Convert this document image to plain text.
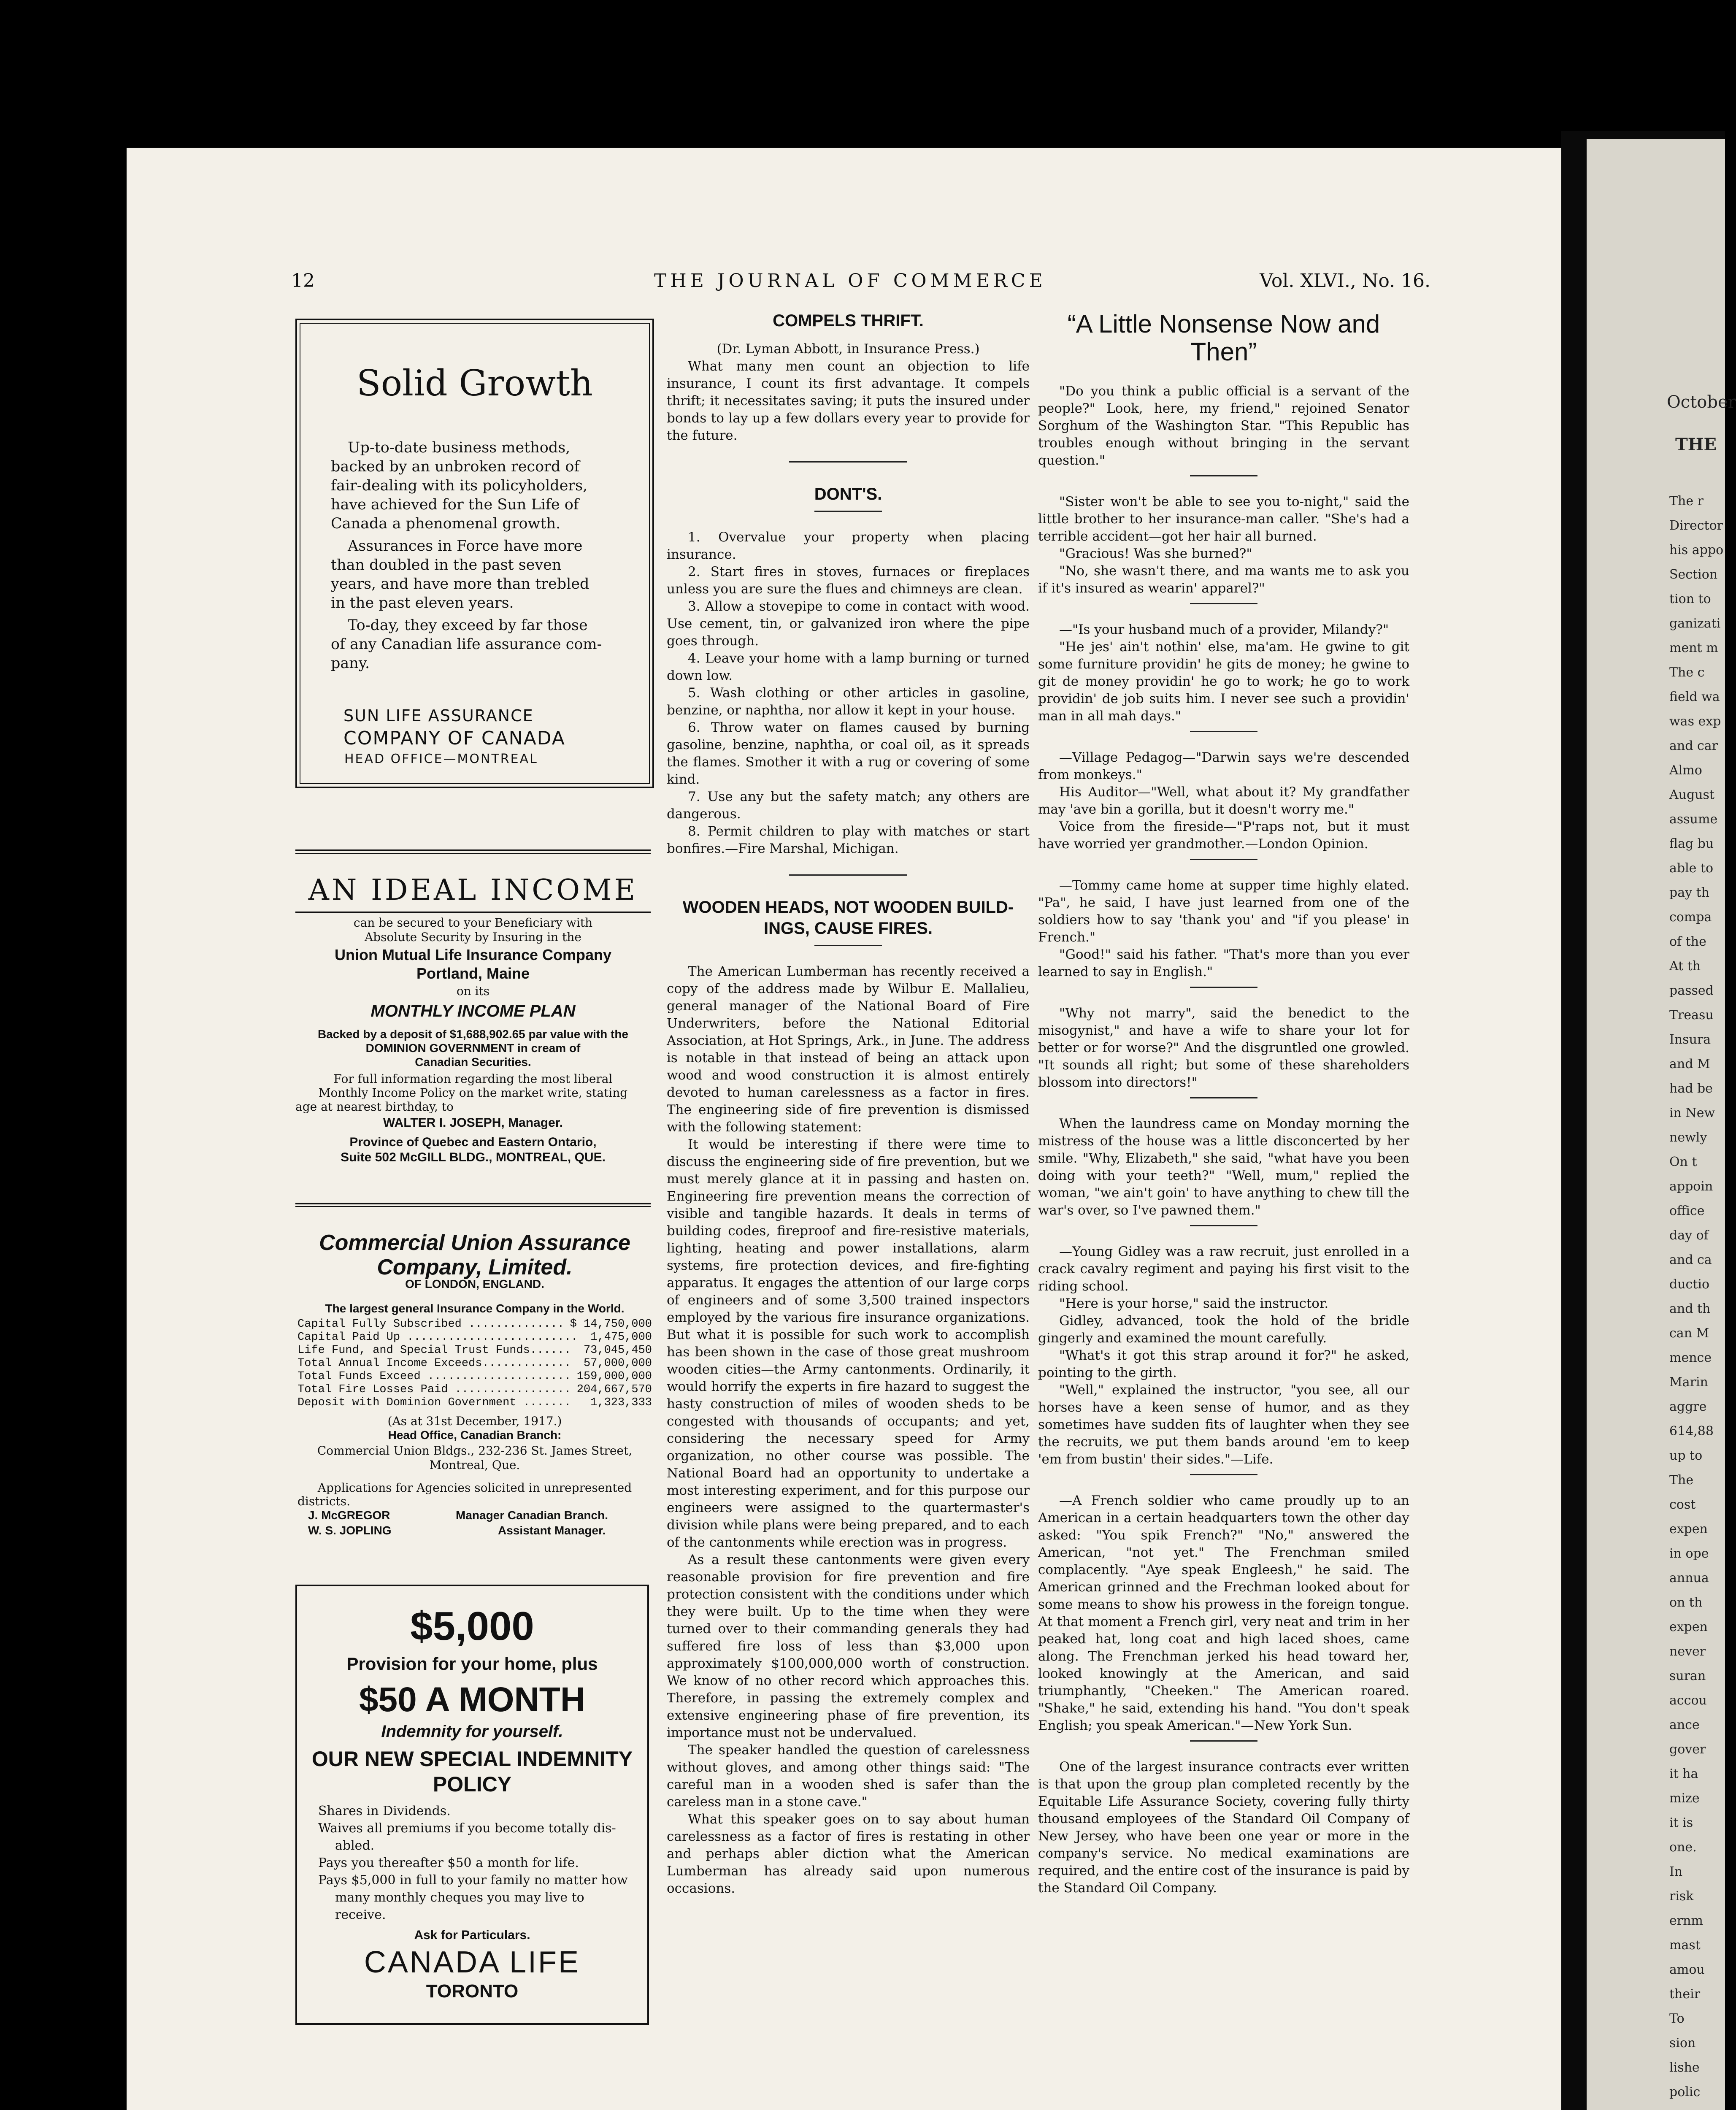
October
THE
The r
Director
his appo
Section
tion to
ganizati
ment m
The c
field wa
was exp
and car
Almo
August
assume
flag bu
able to
pay th
compa
of the
At th
passed
Treasu
Insura
and M
had be
in New
newly
On t
appoin
office
day of
and ca
ductio
and th
can M
mence
Marin
aggre
614,88
up to
The
cost
expen
in ope
annua
on th
expen
never
suran
accou
ance
gover
it ha
mize
it is
one.
In
risk
ernm
mast
amou
their
To
sion
lishe
polic
12	THE JOURNAL OF COMMERCE	Vol. XLVI., No. 16.
Solid Growth
Up-to-date business methods,
backed by an unbroken record of
fair-dealing with its policyholders,
have achieved for the Sun Life of
Canada a phenomenal growth.
Assurances in Force have more
than doubled in the past seven
years, and have more than trebled
in the past eleven years.
To-day, they exceed by far those
of any Canadian life assurance com-
pany.
SUN LIFE ASSURANCE
COMPANY OF CANADA
HEAD OFFICE—MONTREAL
AN IDEAL INCOME
can be secured to your Beneficiary with
Absolute Security by Insuring in the
Union Mutual Life Insurance Company
Portland, Maine
on its
MONTHLY INCOME PLAN
Backed by a deposit of $1,688,902.65 par value with the
DOMINION GOVERNMENT in cream of
Canadian Securities.
For full information regarding the most liberal
Monthly Income Policy on the market write, stating
age at nearest birthday, to
WALTER I. JOSEPH, Manager.
Province of Quebec and Eastern Ontario,
Suite 502 McGILL BLDG., MONTREAL, QUE.
Commercial Union Assurance
Company, Limited.
OF LONDON, ENGLAND.
The largest general Insurance Company in the World.
Capital Fully Subscribed .............. $ 14,750,000
Capital Paid Up ......................... 1,475,000
Life Fund, and Special Trust Funds...... 73,045,450
Total Annual Income Exceeds............. 57,000,000
Total Funds Exceed ..................... 159,000,000
Total Fire Losses Paid ................. 204,667,570
Deposit with Dominion Government ....... 1,323,333
(As at 31st December, 1917.)
Head Office, Canadian Branch:
Commercial Union Bldgs., 232-236 St. James Street,
Montreal, Que.
Applications for Agencies solicited in unrepresented
districts.
J. McGREGOR	Manager Canadian Branch.
W. S. JOPLING	Assistant Manager.
$5,000
Provision for your home, plus
$50 A MONTH
Indemnity for yourself.
OUR NEW SPECIAL INDEMNITY
POLICY
Shares in Dividends.
Waives all premiums if you become totally dis-
abled.
Pays you thereafter $50 a month for life.
Pays $5,000 in full to your family no matter how
many monthly cheques you may live to
receive.
Ask for Particulars.
CANADA LIFE
TORONTO
COMPELS THRIFT.
(Dr. Lyman Abbott, in Insurance Press.)

What many men count an objection to life insurance, I count its first advantage. It compels thrift; it necessitates saving; it puts the insured under bonds to lay up a few dollars every year to provide for the future.

DONT'S.

1. Overvalue your property when placing insurance.

2. Start fires in stoves, furnaces or fireplaces unless you are sure the flues and chimneys are clean.

3. Allow a stovepipe to come in contact with wood. Use cement, tin, or galvanized iron where the pipe goes through.

4. Leave your home with a lamp burning or turned down low.

5. Wash clothing or other articles in gasoline, benzine, or naphtha, nor allow it kept in your house.

6. Throw water on flames caused by burning gasoline, benzine, naphtha, or coal oil, as it spreads the flames. Smother it with a rug or covering of some kind.

7. Use any but the safety match; any others are dangerous.

8. Permit children to play with matches or start bonfires.—Fire Marshal, Michigan.

WOODEN HEADS, NOT WOODEN BUILD-
INGS, CAUSE FIRES.

The American Lumberman has recently received a copy of the address made by Wilbur E. Mallalieu, general manager of the National Board of Fire Underwriters, before the National Editorial Association, at Hot Springs, Ark., in June. The address is notable in that instead of being an attack upon wood and wood construction it is almost entirely devoted to human carelessness as a factor in fires. The engineering side of fire prevention is dismissed with the following statement:

It would be interesting if there were time to discuss the engineering side of fire prevention, but we must merely glance at it in passing and hasten on. Engineering fire prevention means the correction of visible and tangible hazards. It deals in terms of building codes, fireproof and fire-resistive materials, lighting, heating and power installations, alarm systems, fire protection devices, and fire-fighting apparatus. It engages the attention of our large corps of engineers and of some 3,500 trained inspectors employed by the various fire insurance organizations. But what it is possible for such work to accomplish has been shown in the case of those great mushroom wooden cities—the Army cantonments. Ordinarily, it would horrify the experts in fire hazard to suggest the hasty construction of miles of wooden sheds to be congested with thousands of occupants; and yet, considering the necessary speed for Army organization, no other course was possible. The National Board had an opportunity to undertake a most interesting experiment, and for this purpose our engineers were assigned to the quartermaster's division while plans were being prepared, and to each of the cantonments while erection was in progress.

As a result these cantonments were given every reasonable provision for fire prevention and fire protection consistent with the conditions under which they were built. Up to the time when they were turned over to their commanding generals they had suffered fire loss of less than $3,000 upon approximately $100,000,000 worth of construction. We know of no other record which approaches this. Therefore, in passing the extremely complex and extensive engineering phase of fire prevention, its importance must not be undervalued.

The speaker handled the question of carelessness without gloves, and among other things said: "The careful man in a wooden shed is safer than the careless man in a stone cave."

What this speaker goes on to say about human carelessness as a factor of fires is restating in other and perhaps abler diction what the American Lumberman has already said upon numerous occasions.

“A Little Nonsense Now and
Then”

"Do you think a public official is a servant of the people?" Look, here, my friend," rejoined Senator Sorghum of the Washington Star. "This Republic has troubles enough without bringing in the servant question."

"Sister won't be able to see you to-night," said the little brother to her insurance-man caller. "She's had a terrible accident—got her hair all burned.

"Gracious! Was she burned?"

"No, she wasn't there, and ma wants me to ask you if it's insured as wearin' apparel?"

—"Is your husband much of a provider, Milandy?"

"He jes' ain't nothin' else, ma'am. He gwine to git some furniture providin' he gits de money; he gwine to git de money providin' he go to work; he go to work providin' de job suits him. I never see such a providin' man in all mah days."

—Village Pedagog—"Darwin says we're descended from monkeys."

His Auditor—"Well, what about it? My grandfather may 'ave bin a gorilla, but it doesn't worry me."

Voice from the fireside—"P'raps not, but it must have worried yer grandmother.—London Opinion.

—Tommy came home at supper time highly elated. "Pa", he said, I have just learned from one of the soldiers how to say 'thank you' and "if you please' in French."

"Good!" said his father. "That's more than you ever learned to say in English."

"Why not marry", said the benedict to the misogynist," and have a wife to share your lot for better or for worse?" And the disgruntled one growled. "It sounds all right; but some of these shareholders blossom into directors!"

When the laundress came on Monday morning the mistress of the house was a little disconcerted by her smile. "Why, Elizabeth," she said, "what have you been doing with your teeth?" "Well, mum," replied the woman, "we ain't goin' to have anything to chew till the war's over, so I've pawned them."

—Young Gidley was a raw recruit, just enrolled in a crack cavalry regiment and paying his first visit to the riding school.

"Here is your horse," said the instructor.

Gidley, advanced, took the hold of the bridle gingerly and examined the mount carefully.

"What's it got this strap around it for?" he asked, pointing to the girth.

"Well," explained the instructor, "you see, all our horses have a keen sense of humor, and as they sometimes have sudden fits of laughter when they see the recruits, we put them bands around 'em to keep 'em from bustin' their sides."—Life.

—A French soldier who came proudly up to an American in a certain headquarters town the other day asked: "You spik French?" "No," answered the American, "not yet." The Frenchman smiled complacently. "Aye speak Engleesh," he said. The American grinned and the Frechman looked about for some means to show his prowess in the foreign tongue. At that moment a French girl, very neat and trim in her peaked hat, long coat and high laced shoes, came along. The Frenchman jerked his head toward her, looked knowingly at the American, and said triumphantly, "Cheeken." The American roared. "Shake," he said, extending his hand. "You don't speak English; you speak American."—New York Sun.

One of the largest insurance contracts ever written is that upon the group plan completed recently by the Equitable Life Assurance Society, covering fully thirty thousand employees of the Standard Oil Company of New Jersey, who have been one year or more in the company's service. No medical examinations are required, and the entire cost of the insurance is paid by the Standard Oil Company.
